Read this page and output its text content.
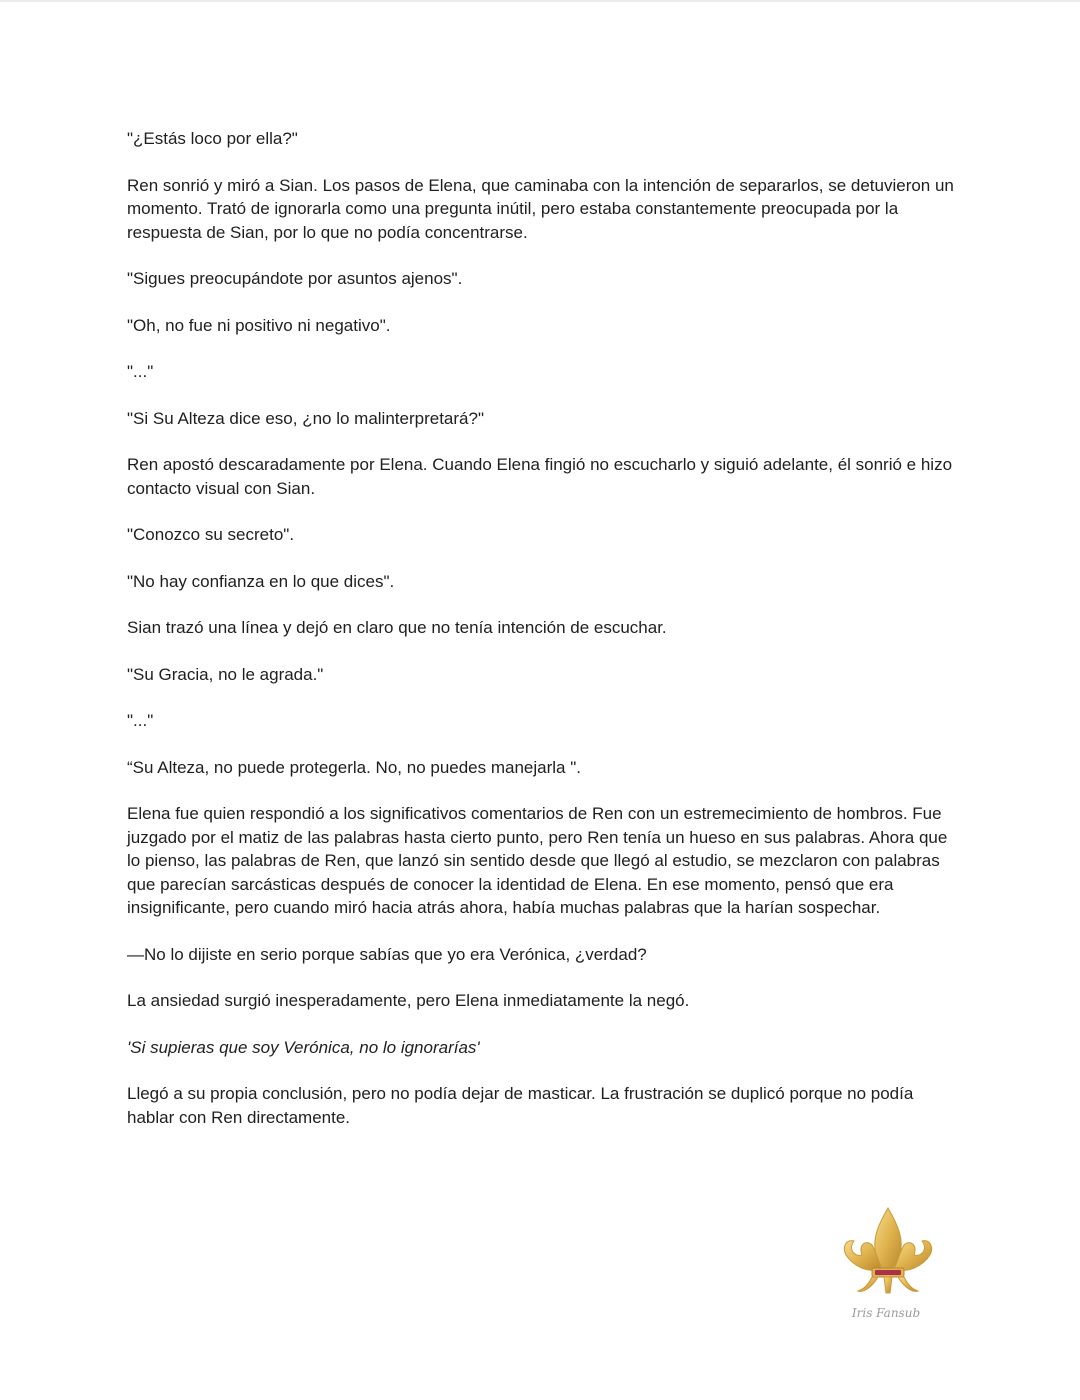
"¿Estás loco por ella?"

Ren sonrió y miró a Sian. Los pasos de Elena, que caminaba con la intención de separarlos, se detuvieron un momento. Trató de ignorarla como una pregunta inútil, pero estaba constantemente preocupada por la respuesta de Sian, por lo que no podía concentrarse.

"Sigues preocupándote por asuntos ajenos".

"Oh, no fue ni positivo ni negativo".

"..."

"Si Su Alteza dice eso, ¿no lo malinterpretará?"

Ren apostó descaradamente por Elena. Cuando Elena fingió no escucharlo y siguió adelante, él sonrió e hizo contacto visual con Sian.

"Conozco su secreto".

"No hay confianza en lo que dices".

Sian trazó una línea y dejó en claro que no tenía intención de escuchar.

"Su Gracia, no le agrada."

"..."

“Su Alteza, no puede protegerla. No, no puedes manejarla ".

Elena fue quien respondió a los significativos comentarios de Ren con un estremecimiento de hombros. Fue juzgado por el matiz de las palabras hasta cierto punto, pero Ren tenía un hueso en sus palabras. Ahora que lo pienso, las palabras de Ren, que lanzó sin sentido desde que llegó al estudio, se mezclaron con palabras que parecían sarcásticas después de conocer la identidad de Elena. En ese momento, pensó que era insignificante, pero cuando miró hacia atrás ahora, había muchas palabras que la harían sospechar.

—No lo dijiste en serio porque sabías que yo era Verónica, ¿verdad?

La ansiedad surgió inesperadamente, pero Elena inmediatamente la negó.

'Si supieras que soy Verónica, no lo ignorarías'

Llegó a su propia conclusión, pero no podía dejar de masticar. La frustración se duplicó porque no podía hablar con Ren directamente.

Iris Fansub
